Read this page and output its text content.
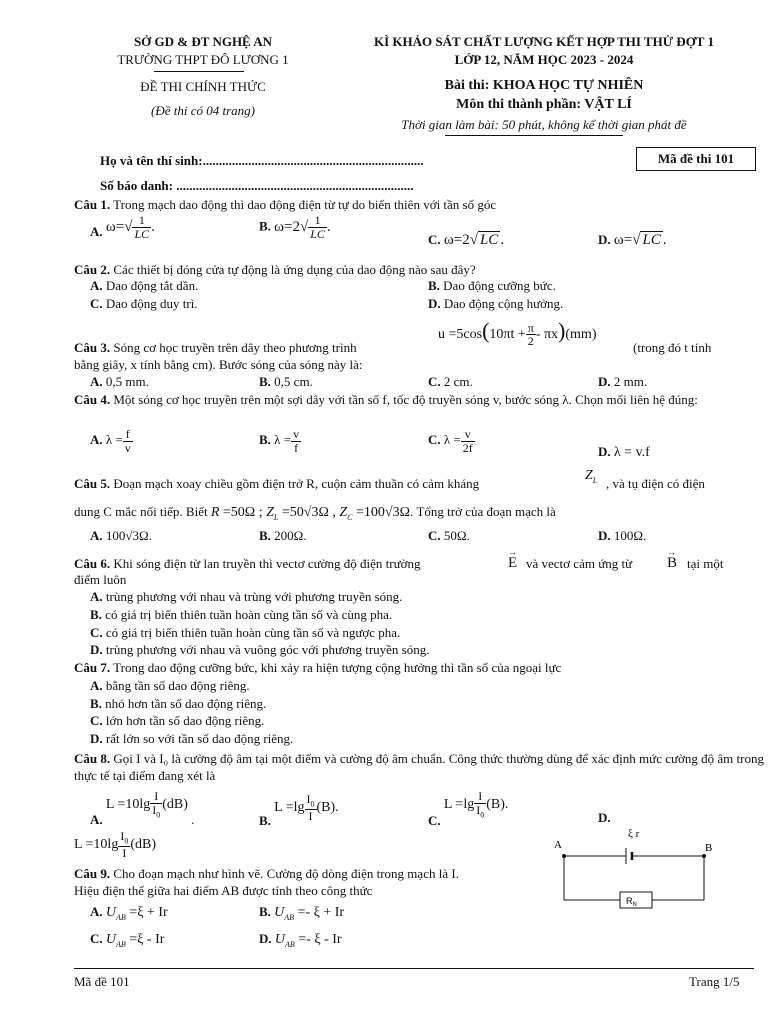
SỞ GD & ĐT NGHỆ AN
TRƯỜNG THPT ĐÔ LƯƠNG 1
ĐỀ THI CHÍNH THỨC
(Đề thi có 04 trang)
KÌ KHẢO SÁT CHẤT LƯỢNG KẾT HỢP THI THỬ ĐỢT 1
LỚP 12, NĂM HỌC 2023 - 2024
Bài thi: KHOA HỌC TỰ NHIÊN
Môn thi thành phần: VẬT LÍ
Thời gian làm bài: 50 phút, không kể thời gian phát đề
Họ và tên thí sinh:....................................................................
Số báo danh: .........................................................................
Mã đề thi 101
Câu 1. Trong mạch dao động thì dao động điện từ tự do biến thiên với tần số góc
A. $\omega=√ \frac{1}{LC}$ .	B. $\omega=2√ \frac{1}{LC}$ .
C. ω=2√ LC .	D. ω=√ LC .
Câu 2. Các thiết bị đóng cửa tự động là ứng dụng của dao động nào sau đây?
A. Dao động tắt dần.	B. Dao động cưỡng bức.
C. Dao động duy trì.	D. Dao động cộng hưởng.
$u =5\cos(10\pi t + \frac{\pi}{2} - \pi x)(mm)$
Câu 3. Sóng cơ học truyền trên dây theo phương trình	(trong đó t tính
bằng giây, x tính bằng cm). Bước sóng của sóng này là:
A. 0,5 mm.	B. 0,5 cm.	C. 2 cm.	D. 2 mm.
Câu 4. Một sóng cơ học truyền trên một sợi dây với tần số f, tốc độ truyền sóng v, bước sóng λ. Chọn mối liên hệ đúng:
A. $\lambda = \frac{f}{v}$	B. $\lambda = \frac{v}{f}$	C. $\lambda = \frac{v}{2f}$	D. λ = v.f
Câu 5. Đoạn mạch xoay chiều gồm điện trở R, cuộn cảm thuần có cảm kháng
$Z_L$ , và tụ điện có điện
dung C mắc nối tiếp. Biết R =50Ω ; $Z_L =50√3\Omega$ , $Z_C =100√3\Omega$. Tổng trở của đoạn mạch là
A. 100√3Ω.	B. 200Ω.	C. 50Ω.	D. 100Ω.
Câu 6. Khi sóng điện từ lan truyền thì vectơ cường độ điện trường
→
E và vectơ cảm ứng từ
→
B tại một
điểm luôn
A. trùng phương với nhau và trùng với phương truyền sóng.
B. có giá trị biến thiên tuần hoàn cùng tần số và cùng pha.
C. có giá trị biến thiên tuần hoàn cùng tần số và ngược pha.
D. trùng phương với nhau và vuông góc với phương truyền sóng.
Câu 7. Trong dao động cưỡng bức, khi xảy ra hiện tượng cộng hưởng thì tần số của ngoại lực
A. bằng tần số dao động riêng.
B. nhỏ hơn tần số dao động riêng.
C. lớn hơn tần số dao động riêng.
D. rất lớn so với tần số dao động riêng.
Câu 8. Gọi I và I₀ là cường độ âm tại một điểm và cường độ âm chuẩn. Công thức thường dùng để xác định mức cường độ âm trong thực tế tại điểm đang xét là
A. $L =10\lg \frac{I}{I_0} (dB)$ .	B. $L =\lg \frac{I_0}{I} (B)$.
C. $L =\lg \frac{I}{I_0} (B)$.
D.
$L =10\lg \frac{I_0}{I} (dB)$
Câu 9. Cho đoạn mạch như hình vẽ. Cường độ dòng điện trong mạch là I.
Hiệu điện thế giữa hai điểm AB được tính theo công thức
A. $U_{AB} =\xi + Ir$	B. $U_{AB} =- \xi + Ir$
C. $U_{AB} =\xi - Ir$	D. $U_{AB} =- \xi - Ir$
A	B
ξ r
$R_N$
Mã đề 101	Trang 1/5
